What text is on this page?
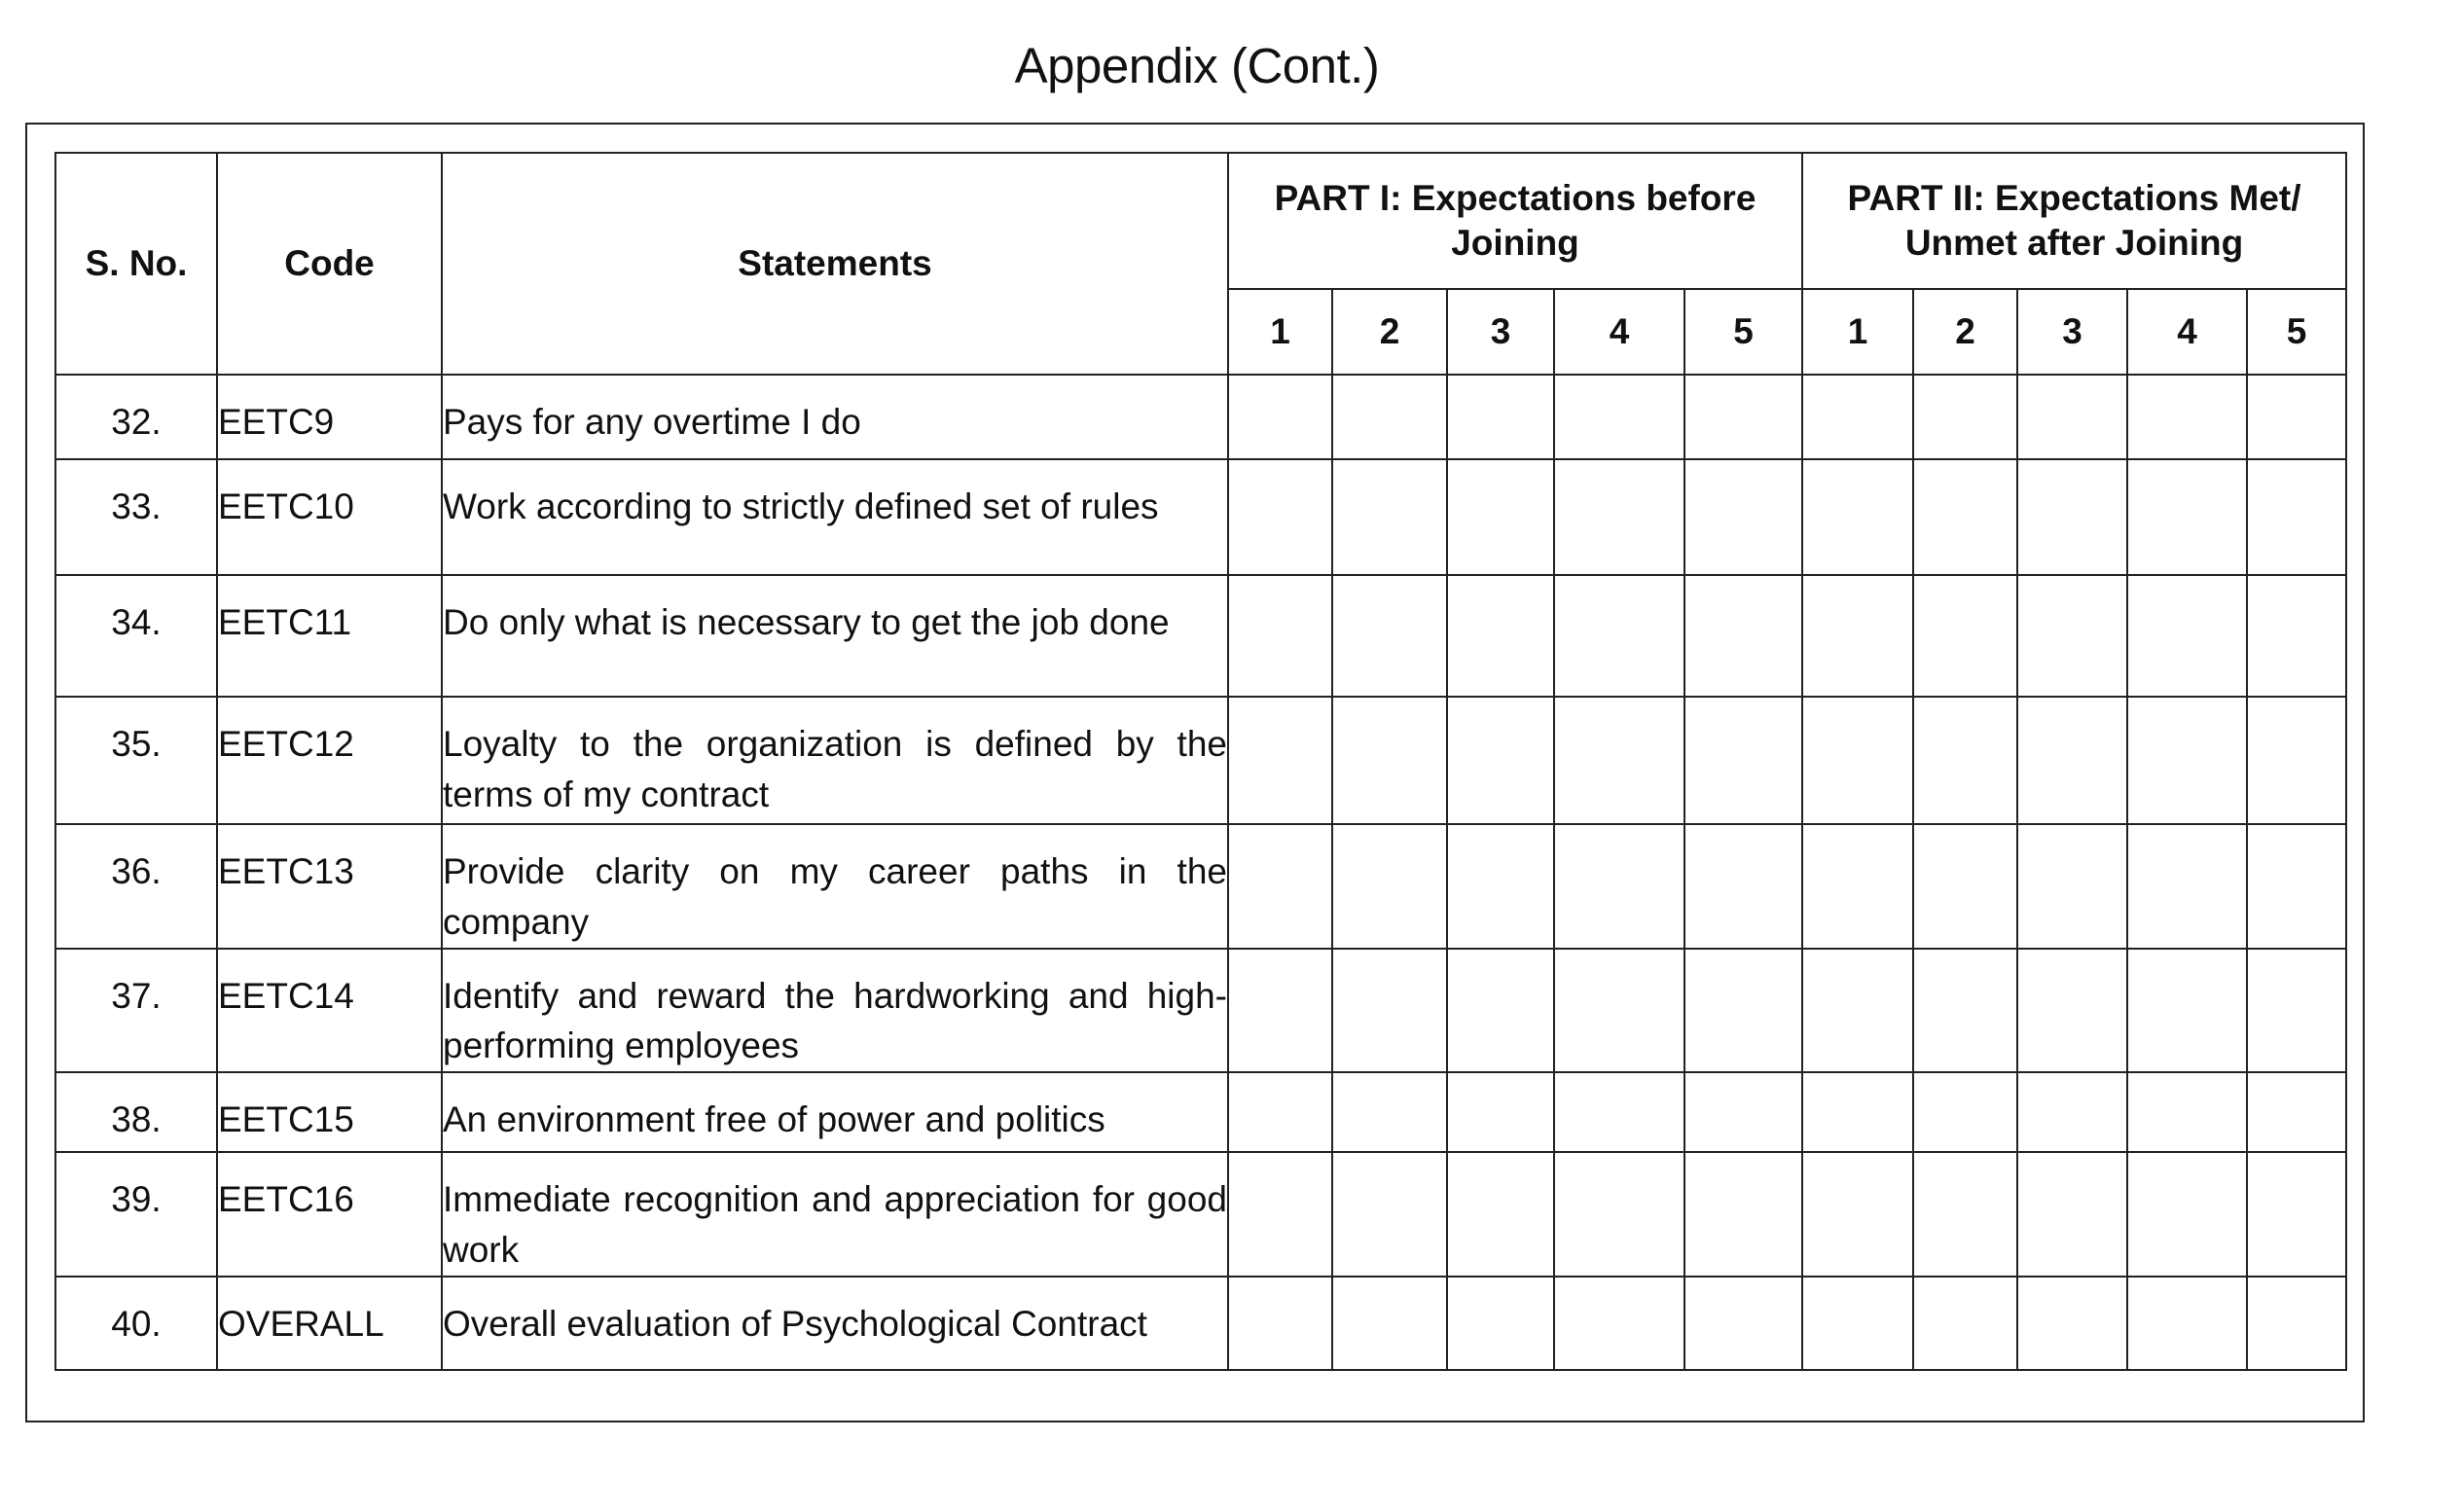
Appendix (Cont.)
S. No.	Code	Statements	PART I: Expectations before Joining					PART II: Expectations Met/ Unmet after Joining				
			1	2	3	4	5	1	2	3	4	5
32.	EETC9	Pays for any overtime I do										
33.	EETC10	Work according to strictly defined set of rules										
34.	EETC11	Do only what is necessary to get the job done										
35.	EETC12	Loyalty to the organization is defined by the terms of my contract										
36.	EETC13	Provide clarity on my career paths in the company										
37.	EETC14	Identify and reward the hardworking and high-performing employees										
38.	EETC15	An environment free of power and politics										
39.	EETC16	Immediate recognition and appreciation for good work										
40.	OVERALL	Overall evaluation of Psychological Contract										
